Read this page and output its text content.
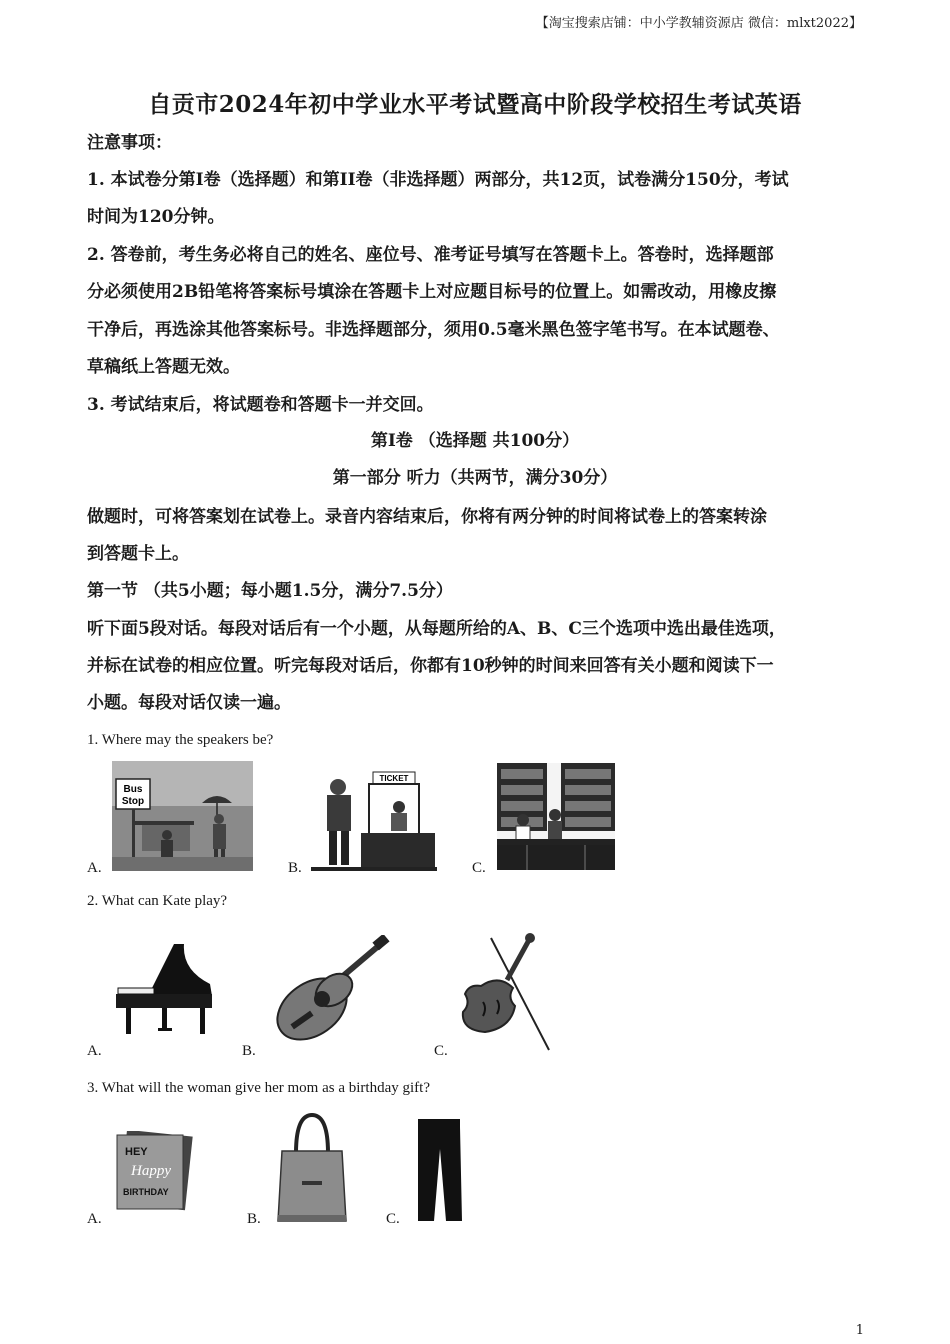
【淘宝搜索店铺：中小学教辅资源店 微信：mlxt2022】
自贡市2024年初中学业水平考试暨高中阶段学校招生考试英语
注意事项：
1. 本试卷分第I卷（选择题）和第II卷（非选择题）两部分，共12页，试卷满分150分，考试
时间为120分钟。
2. 答卷前，考生务必将自己的姓名、座位号、准考证号填写在答题卡上。答卷时，选择题部
分必须使用2B铅笔将答案标号填涂在答题卡上对应题目标号的位置上。如需改动，用橡皮擦
干净后，再选涂其他答案标号。非选择题部分，须用0.5毫米黑色签字笔书写。在本试题卷、
草稿纸上答题无效。
3. 考试结束后，将试题卷和答题卡一并交回。
第I卷 （选择题 共100分）
第一部分 听力（共两节，满分30分）
做题时，可将答案划在试卷上。录音内容结束后，你将有两分钟的时间将试卷上的答案转涂
到答题卡上。
第一节 （共5小题；每小题1.5分，满分7.5分）
听下面5段对话。每段对话后有一个小题，从每题所给的A、B、C三个选项中选出最佳选项，
并标在试卷的相应位置。听完每段对话后，你都有10秒钟的时间来回答有关小题和阅读下一
小题。每段对话仅读一遍。
1. Where may the speakers be?
Bus
Stop
A.
TICKET
B.	C.
2. What can Kate play?
A.	B.	C.
3. What will the woman give her mom as a birthday gift?
HEY
Happy
BIRTHDAY
A.	B.	C.
1
